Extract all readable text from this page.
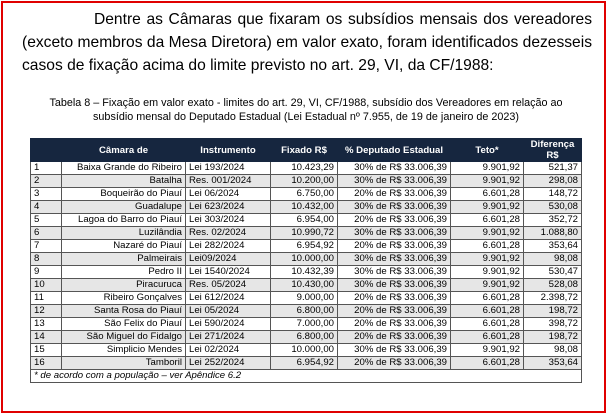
Dentre as Câmaras que fixaram os subsídios mensais dos vereadores (exceto membros da Mesa Diretora) em valor exato, foram identificados dezesseis casos de fixação acima do limite previsto no art. 29, VI, da CF/1988:

Tabela 8 – Fixação em valor exato - limites do art. 29, VI, CF/1988, subsídio dos Vereadores em relação ao subsídio mensal do Deputado Estadual (Lei Estadual nº 7.955, de 19 de janeiro de 2023)
	Câmara de	Instrumento	Fixado R$	% Deputado Estadual	Teto*	Diferença R$
1	Baixa Grande do Ribeiro	Lei 193/2024	10.423,29	30% de R$ 33.006,39	9.901,92	521,37
2	Batalha	Res. 001/2024	10.200,00	30% de R$ 33.006,39	9.901,92	298,08
3	Boqueirão do Piauí	Lei 06/2024	6.750,00	20% de R$ 33.006,39	6.601,28	148,72
4	Guadalupe	Lei 623/2024	10.432,00	30% de R$ 33.006,39	9.901,92	530,08
5	Lagoa do Barro do Piauí	Lei 303/2024	6.954,00	20% de R$ 33.006,39	6.601,28	352,72
6	Luzilândia	Res. 02/2024	10.990,72	30% de R$ 33.006,39	9.901,92	1.088,80
7	Nazaré do Piauí	Lei 282/2024	6.954,92	20% de R$ 33.006,39	6.601,28	353,64
8	Palmeirais	Lei09/2024	10.000,00	30% de R$ 33.006,39	9.901,92	98,08
9	Pedro II	Lei 1540/2024	10.432,39	30% de R$ 33.006,39	9.901,92	530,47
10	Piracuruca	Res. 05/2024	10.430,00	30% de R$ 33.006,39	9.901,92	528,08
11	Ribeiro Gonçalves	Lei 612/2024	9.000,00	20% de R$ 33.006,39	6.601,28	2.398,72
12	Santa Rosa do Piauí	Lei 05/2024	6.800,00	20% de R$ 33.006,39	6.601,28	198,72
13	São Felix do Piauí	Lei 590/2024	7.000,00	20% de R$ 33.006,39	6.601,28	398,72
14	São Miguel do Fidalgo	Lei 271/2024	6.800,00	20% de R$ 33.006,39	6.601,28	198,72
15	Simplicio Mendes	Lei 02/2024	10.000,00	30% de R$ 33.006,39	9.901,92	98,08
16	Tamboril	Lei 252/2024	6.954,92	20% de R$ 33.006,39	6.601,28	353,64
* de acordo com a população – ver Apêndice 6.2						
